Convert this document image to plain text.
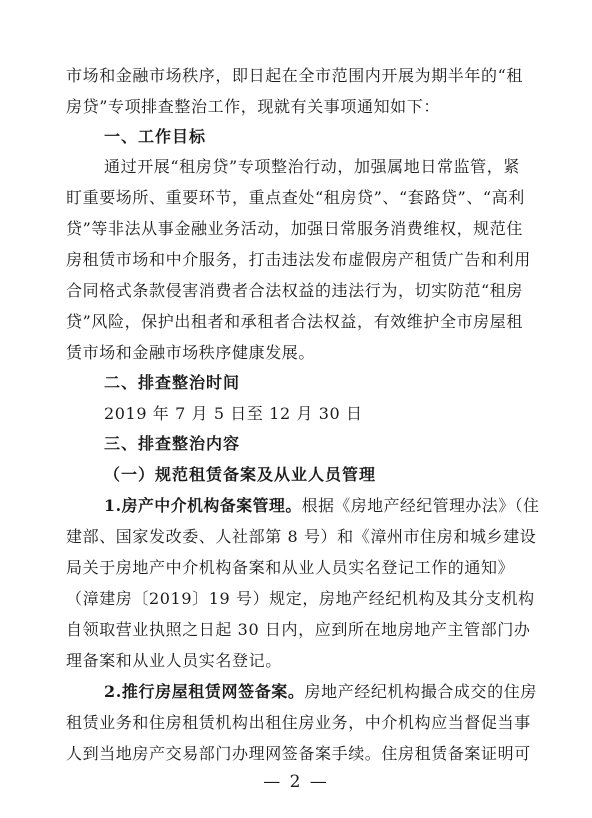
市场和金融市场秩序，即日起在全市范围内开展为期半年的“租
房贷”专项排查整治工作，现就有关事项通知如下：
一、工作目标
通过开展“租房贷”专项整治行动，加强属地日常监管，紧
盯重要场所、重要环节，重点查处“租房贷”、“套路贷”、“高利
贷”等非法从事金融业务活动，加强日常服务消费维权，规范住
房租赁市场和中介服务，打击违法发布虚假房产租赁广告和利用
合同格式条款侵害消费者合法权益的违法行为，切实防范“租房
贷”风险，保护出租者和承租者合法权益，有效维护全市房屋租
赁市场和金融市场秩序健康发展。
二、排查整治时间
2019 年 7 月 5 日至 12 月 30 日
三、排查整治内容
（一）规范租赁备案及从业人员管理
1.房产中介机构备案管理。根据《房地产经纪管理办法》（住
建部、国家发改委、人社部第 8 号）和《漳州市住房和城乡建设
局关于房地产中介机构备案和从业人员实名登记工作的通知》
（漳建房〔2019〕19 号）规定，房地产经纪机构及其分支机构
自领取营业执照之日起 30 日内，应到所在地房地产主管部门办
理备案和从业人员实名登记。
2.推行房屋租赁网签备案。房地产经纪机构撮合成交的住房
租赁业务和住房租赁机构出租住房业务，中介机构应当督促当事
人到当地房产交易部门办理网签备案手续。住房租赁备案证明可
— 2 —
